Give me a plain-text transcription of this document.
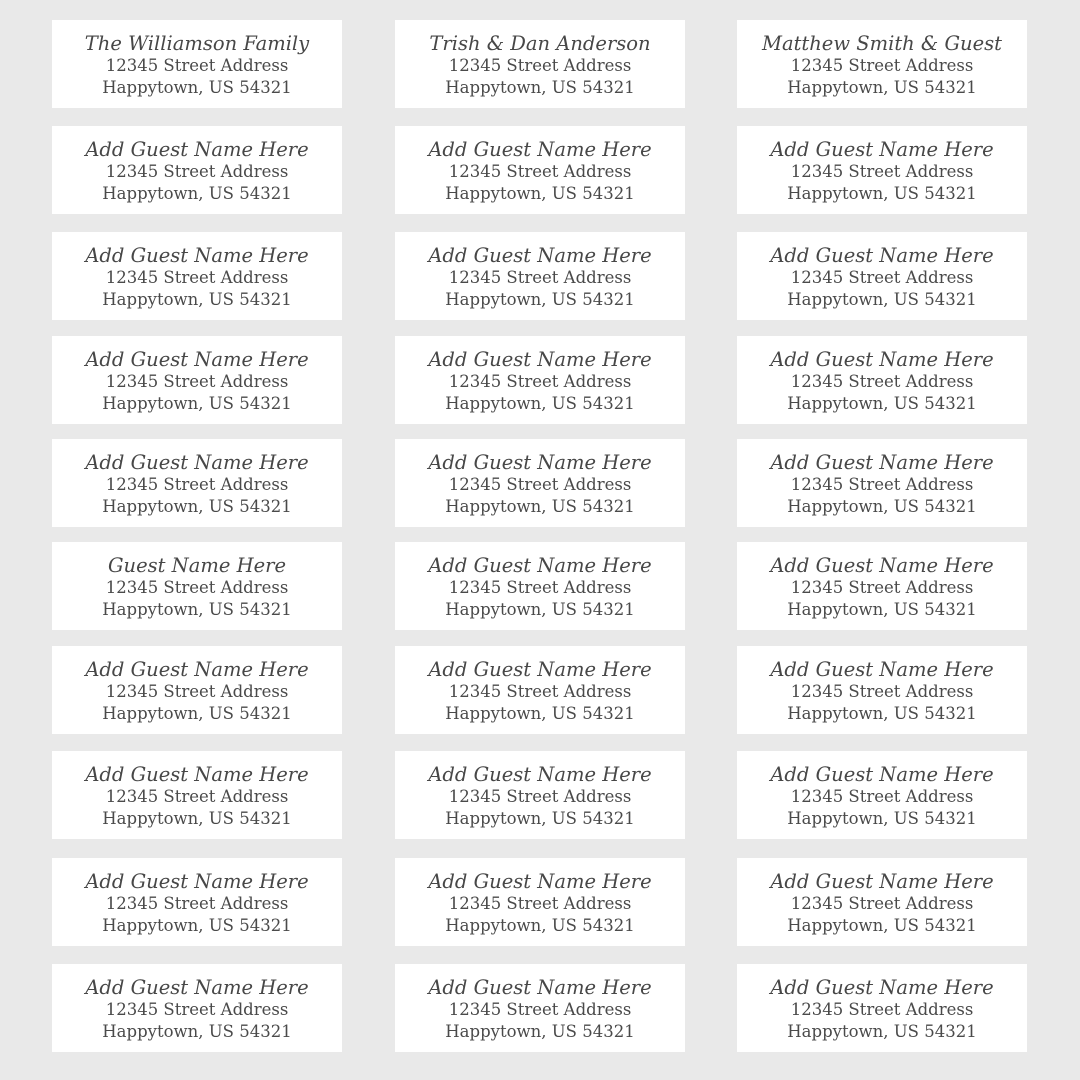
The Williamson Family
12345 Street Address
Happytown, US 54321
Trish & Dan Anderson
12345 Street Address
Happytown, US 54321
Matthew Smith & Guest
12345 Street Address
Happytown, US 54321
Add Guest Name Here
12345 Street Address
Happytown, US 54321
Add Guest Name Here
12345 Street Address
Happytown, US 54321
Add Guest Name Here
12345 Street Address
Happytown, US 54321
Add Guest Name Here
12345 Street Address
Happytown, US 54321
Add Guest Name Here
12345 Street Address
Happytown, US 54321
Add Guest Name Here
12345 Street Address
Happytown, US 54321
Add Guest Name Here
12345 Street Address
Happytown, US 54321
Add Guest Name Here
12345 Street Address
Happytown, US 54321
Add Guest Name Here
12345 Street Address
Happytown, US 54321
Add Guest Name Here
12345 Street Address
Happytown, US 54321
Add Guest Name Here
12345 Street Address
Happytown, US 54321
Add Guest Name Here
12345 Street Address
Happytown, US 54321
Guest Name Here
12345 Street Address
Happytown, US 54321
Add Guest Name Here
12345 Street Address
Happytown, US 54321
Add Guest Name Here
12345 Street Address
Happytown, US 54321
Add Guest Name Here
12345 Street Address
Happytown, US 54321
Add Guest Name Here
12345 Street Address
Happytown, US 54321
Add Guest Name Here
12345 Street Address
Happytown, US 54321
Add Guest Name Here
12345 Street Address
Happytown, US 54321
Add Guest Name Here
12345 Street Address
Happytown, US 54321
Add Guest Name Here
12345 Street Address
Happytown, US 54321
Add Guest Name Here
12345 Street Address
Happytown, US 54321
Add Guest Name Here
12345 Street Address
Happytown, US 54321
Add Guest Name Here
12345 Street Address
Happytown, US 54321
Add Guest Name Here
12345 Street Address
Happytown, US 54321
Add Guest Name Here
12345 Street Address
Happytown, US 54321
Add Guest Name Here
12345 Street Address
Happytown, US 54321
